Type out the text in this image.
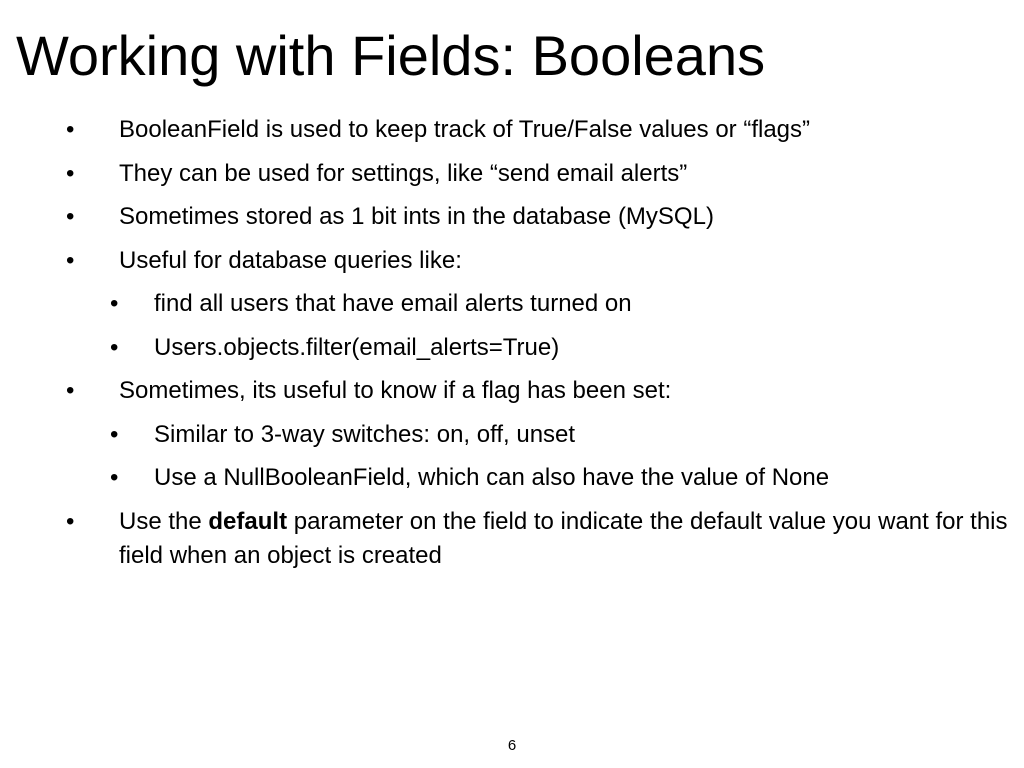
Working with Fields: Booleans
• BooleanField is used to keep track of True/False values or “flags”
• They can be used for settings, like “send email alerts”
• Sometimes stored as 1 bit ints in the database (MySQL)
• Useful for database queries like:
• find all users that have email alerts turned on
• Users.objects.filter(email_alerts=True)
• Sometimes, its useful to know if a flag has been set:
• Similar to 3-way switches: on, off, unset
• Use a NullBooleanField, which can also have the value of None
• Use the default parameter on the field to indicate the default value you want for this field when an object is created
6
